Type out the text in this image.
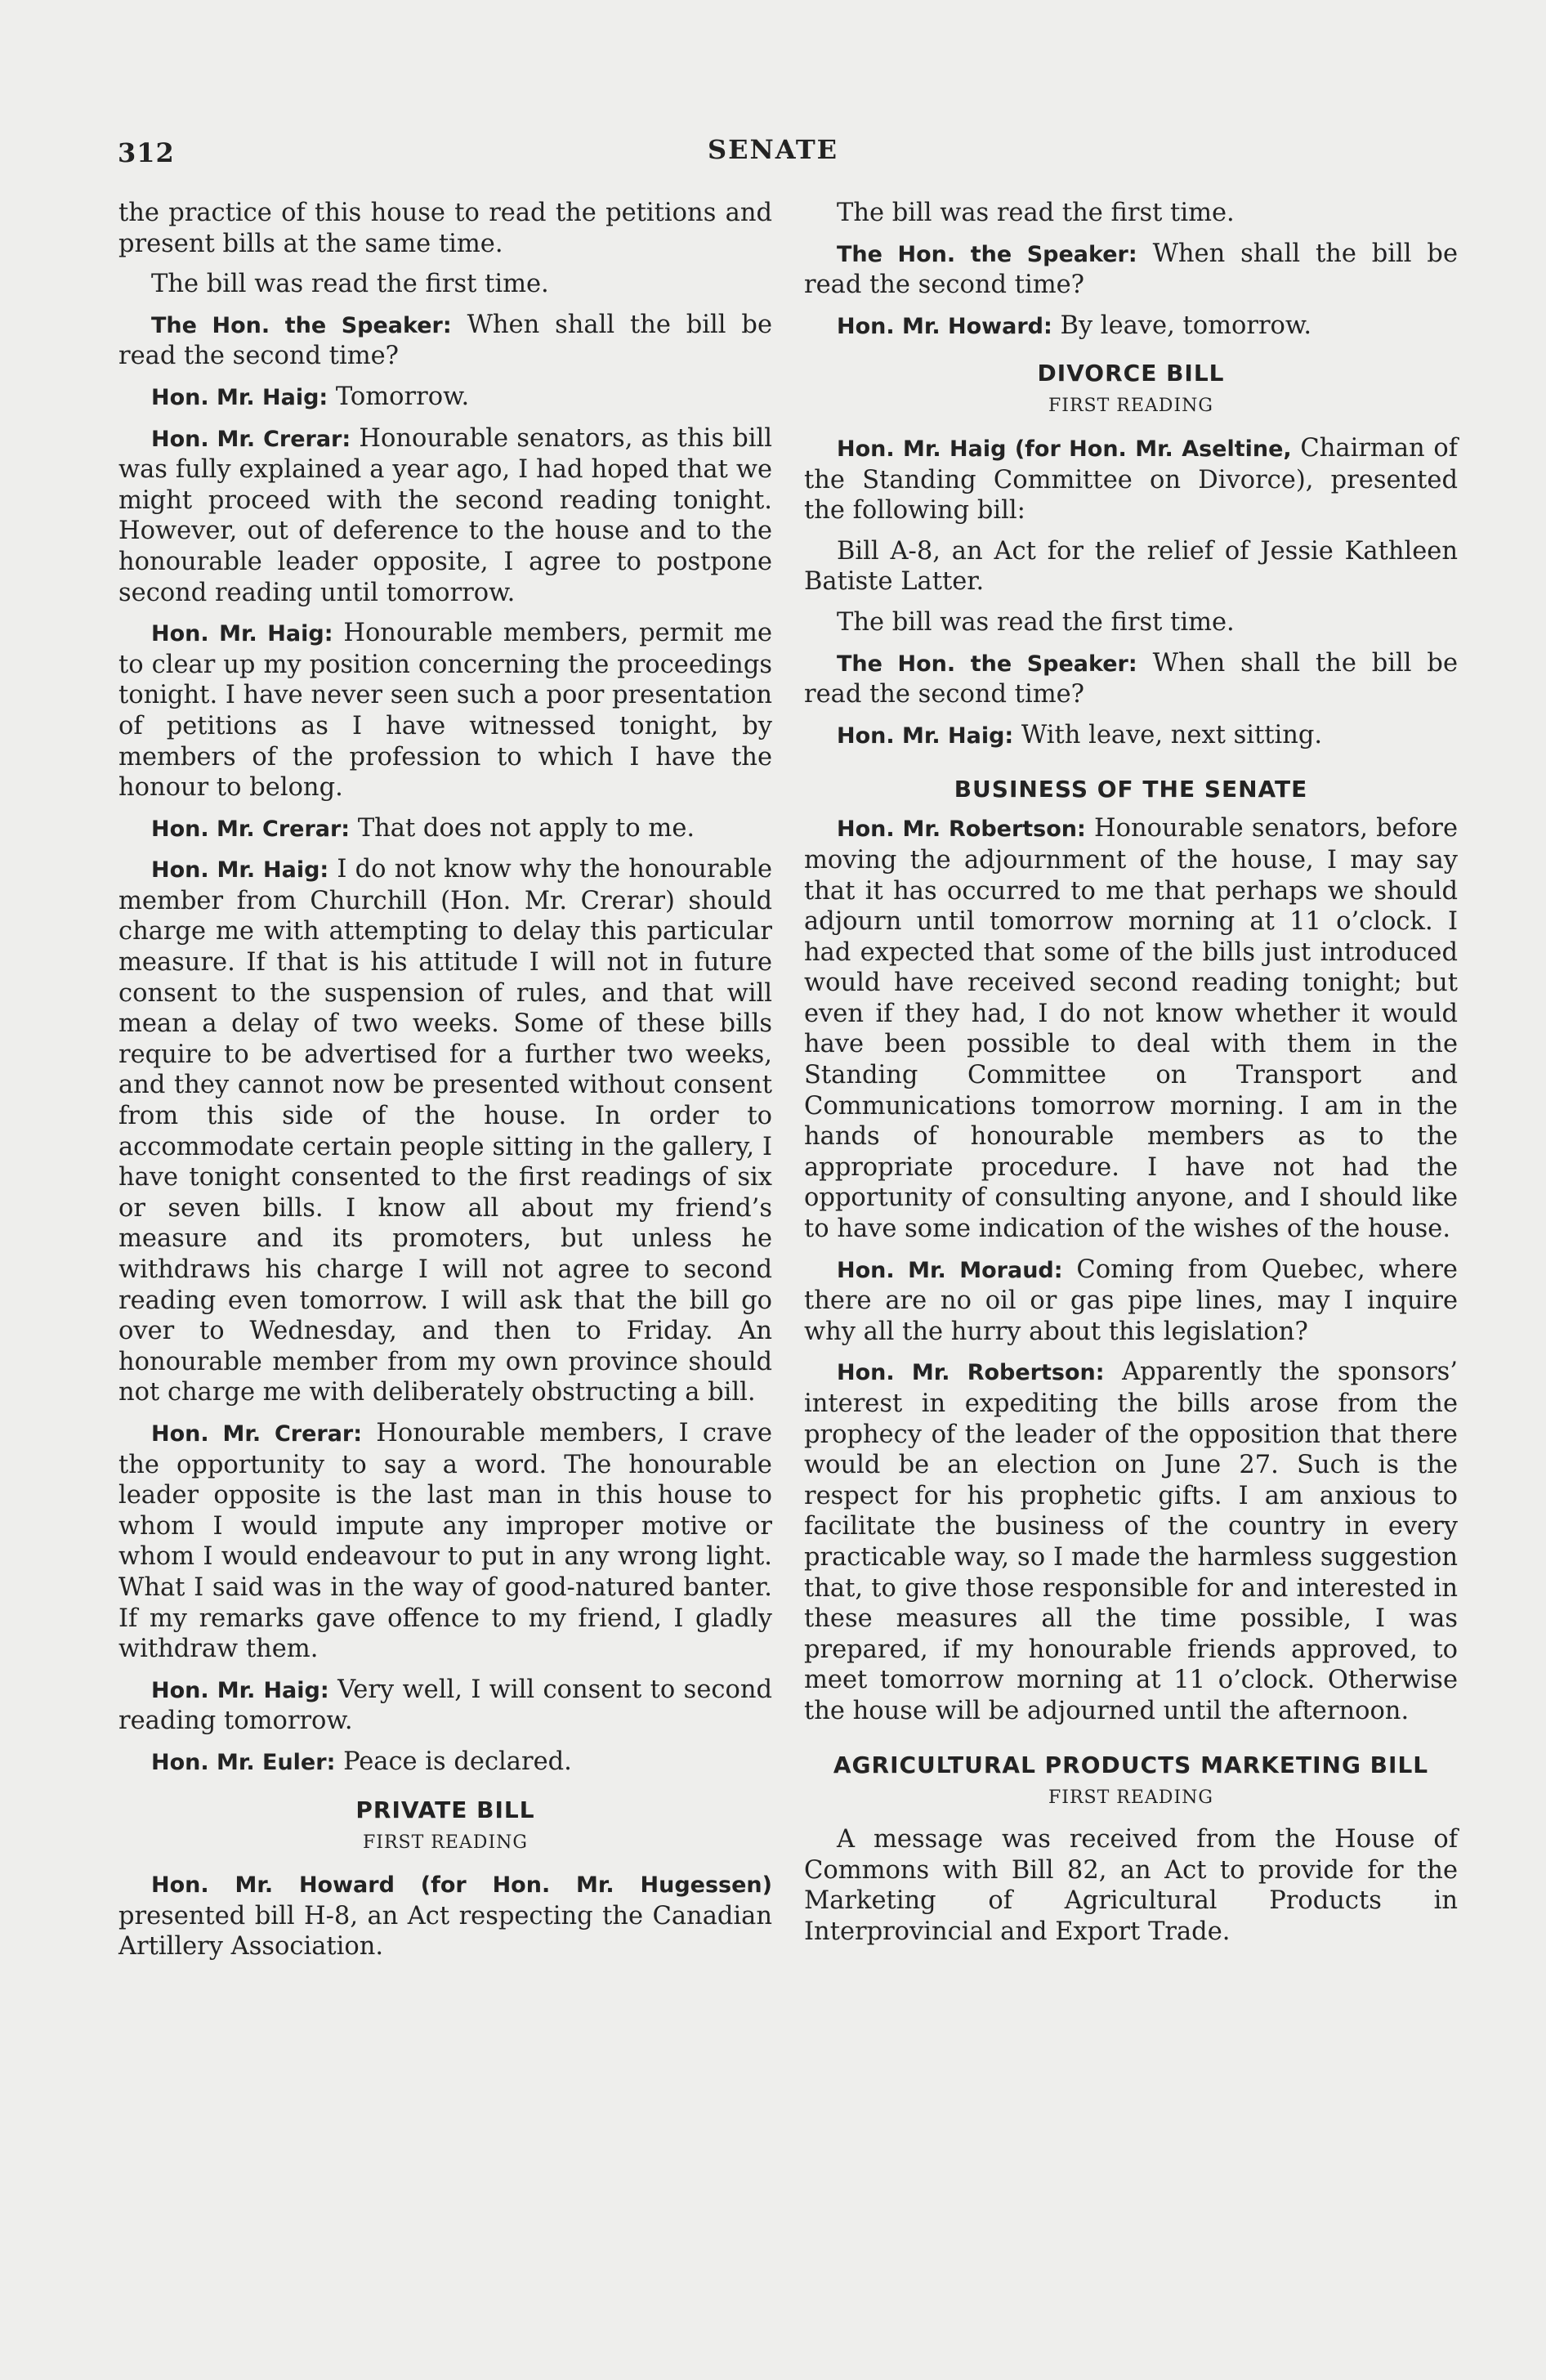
312	SENATE

the practice of this house to read the petitions and present bills at the same time.

The bill was read the first time.

The Hon. the Speaker: When shall the bill be read the second time?

Hon. Mr. Haig: Tomorrow.

Hon. Mr. Crerar: Honourable senators, as this bill was fully explained a year ago, I had hoped that we might proceed with the second reading tonight. However, out of deference to the house and to the honourable leader opposite, I agree to postpone second reading until tomorrow.

Hon. Mr. Haig: Honourable members, permit me to clear up my position concerning the proceedings tonight. I have never seen such a poor presentation of petitions as I have witnessed tonight, by members of the profession to which I have the honour to belong.

Hon. Mr. Crerar: That does not apply to me.

Hon. Mr. Haig: I do not know why the honourable member from Churchill (Hon. Mr. Crerar) should charge me with attempting to delay this particular measure. If that is his attitude I will not in future consent to the suspension of rules, and that will mean a delay of two weeks. Some of these bills require to be advertised for a further two weeks, and they cannot now be presented without consent from this side of the house. In order to accommodate certain people sitting in the gallery, I have tonight consented to the first readings of six or seven bills. I know all about my friend’s measure and its promoters, but unless he withdraws his charge I will not agree to second reading even tomorrow. I will ask that the bill go over to Wednesday, and then to Friday. An honourable member from my own province should not charge me with deliberately obstructing a bill.

Hon. Mr. Crerar: Honourable members, I crave the opportunity to say a word. The honourable leader opposite is the last man in this house to whom I would impute any improper motive or whom I would endeavour to put in any wrong light. What I said was in the way of good-natured banter. If my remarks gave offence to my friend, I gladly withdraw them.

Hon. Mr. Haig: Very well, I will consent to second reading tomorrow.

Hon. Mr. Euler: Peace is declared.

PRIVATE BILL
FIRST READING

Hon. Mr. Howard (for Hon. Mr. Hugessen) presented bill H-8, an Act respecting the Canadian Artillery Association.

The bill was read the first time.

The Hon. the Speaker: When shall the bill be read the second time?

Hon. Mr. Howard: By leave, tomorrow.

DIVORCE BILL
FIRST READING

Hon. Mr. Haig (for Hon. Mr. Aseltine, Chairman of the Standing Committee on Divorce), presented the following bill:

Bill A-8, an Act for the relief of Jessie Kathleen Batiste Latter.

The bill was read the first time.

The Hon. the Speaker: When shall the bill be read the second time?

Hon. Mr. Haig: With leave, next sitting.

BUSINESS OF THE SENATE

Hon. Mr. Robertson: Honourable senators, before moving the adjournment of the house, I may say that it has occurred to me that perhaps we should adjourn until tomorrow morning at 11 o’clock. I had expected that some of the bills just introduced would have received second reading tonight; but even if they had, I do not know whether it would have been possible to deal with them in the Standing Committee on Transport and Communications tomorrow morning. I am in the hands of honourable members as to the appropriate procedure. I have not had the opportunity of consulting anyone, and I should like to have some indication of the wishes of the house.

Hon. Mr. Moraud: Coming from Quebec, where there are no oil or gas pipe lines, may I inquire why all the hurry about this legislation?

Hon. Mr. Robertson: Apparently the sponsors’ interest in expediting the bills arose from the prophecy of the leader of the opposition that there would be an election on June 27. Such is the respect for his prophetic gifts. I am anxious to facilitate the business of the country in every practicable way, so I made the harmless suggestion that, to give those responsible for and interested in these measures all the time possible, I was prepared, if my honourable friends approved, to meet tomorrow morning at 11 o’clock. Otherwise the house will be adjourned until the afternoon.

AGRICULTURAL PRODUCTS MARKETING BILL
FIRST READING

A message was received from the House of Commons with Bill 82, an Act to provide for the Marketing of Agricultural Products in Interprovincial and Export Trade.
